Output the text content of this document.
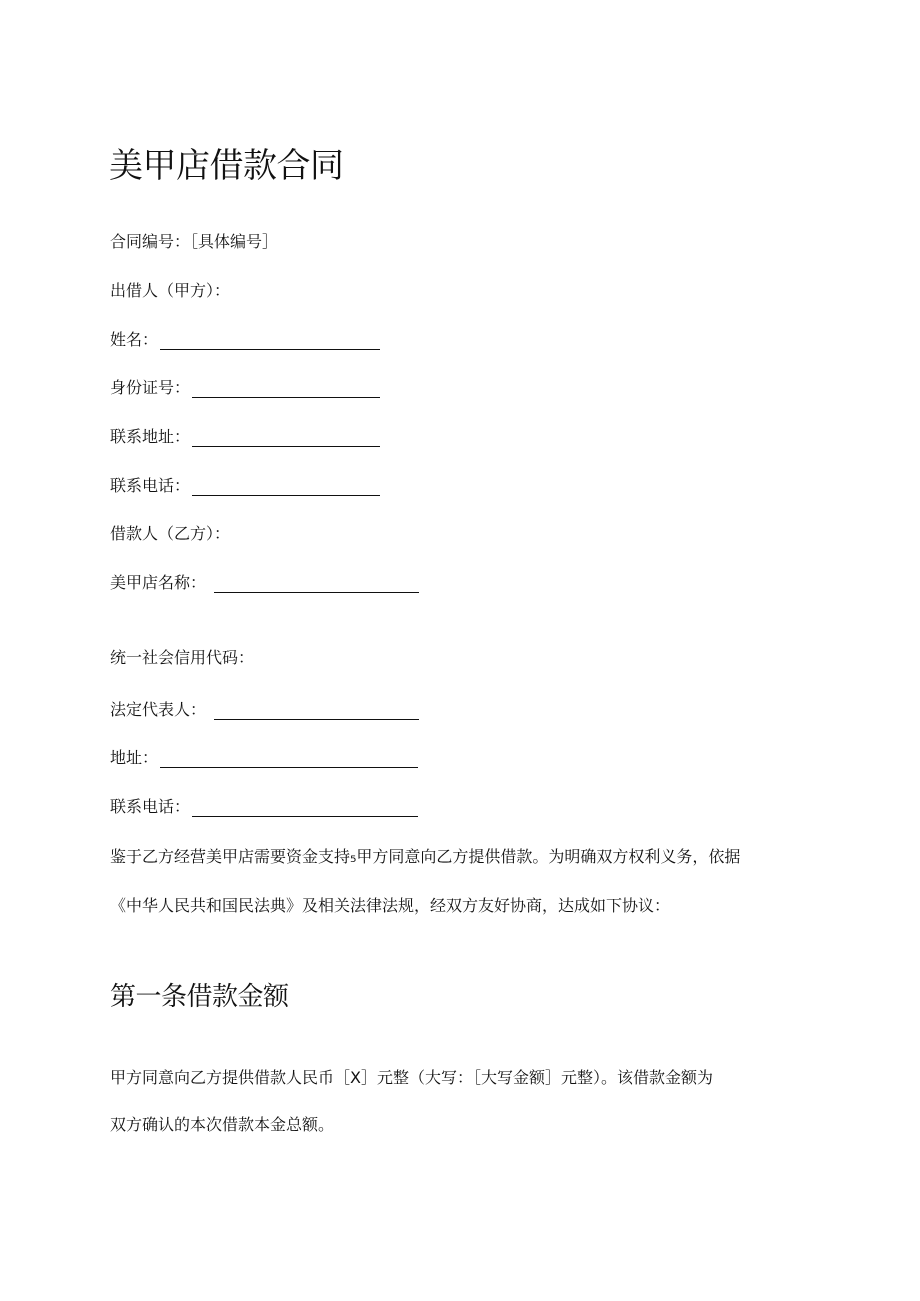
美甲店借款合同
合同编号：［具体编号］
出借人（甲方）：
姓名：
身份证号：
联系地址：
联系电话：
借款人（乙方）：
美甲店名称：
统一社会信用代码：
法定代表人：
地址：
联系电话：
鉴于乙方经营美甲店需要资金支持₅甲方同意向乙方提供借款。为明确双方权利义务，依据
《中华人民共和国民法典》及相关法律法规，经双方友好协商，达成如下协议：
第一条借款金额
甲方同意向乙方提供借款人民币［X］元整（大写：［大写金额］元整）。该借款金额为
双方确认的本次借款本金总额。
